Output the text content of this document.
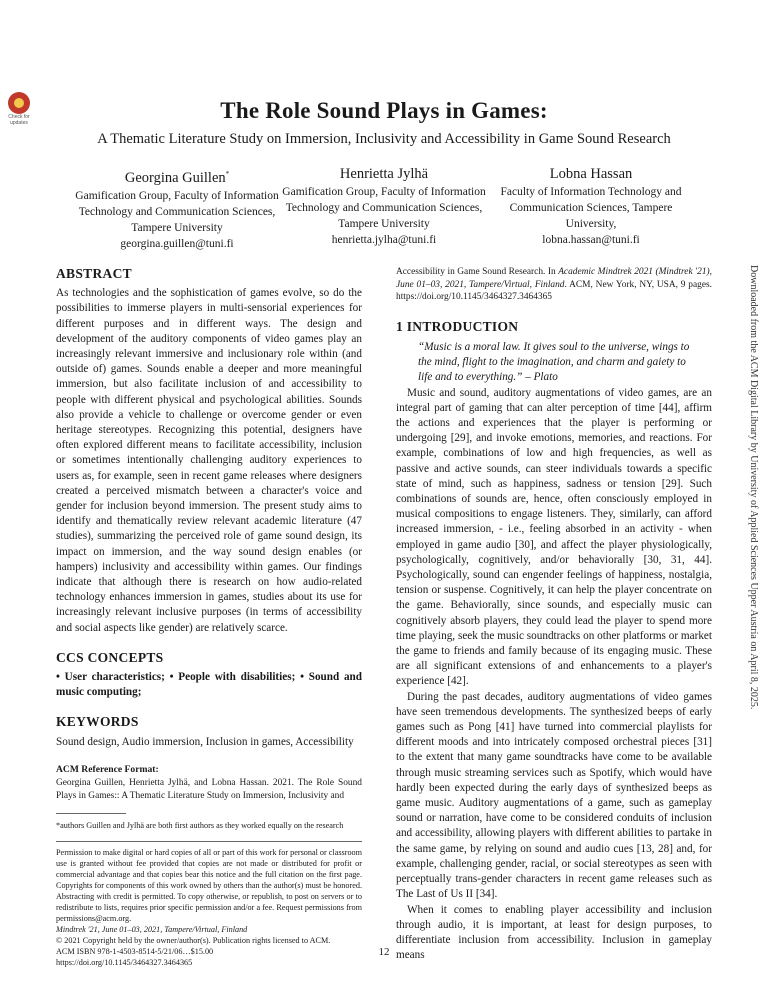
Check for
updates	The Role Sound Plays in Games:
A Thematic Literature Study on Immersion, Inclusivity and Accessibility in Game Sound Research
Georgina Guillen*
Gamification Group, Faculty of Information Technology and Communication Sciences, Tampere University
georgina.guillen@tuni.fi
Henrietta Jylhä
Gamification Group, Faculty of Information Technology and Communication Sciences, Tampere University
henrietta.jylha@tuni.fi
Lobna Hassan
Faculty of Information Technology and Communication Sciences, Tampere University,
lobna.hassan@tuni.fi
Downloaded from the ACM Digital Library by University of Applied Sciences Upper Austria on April 8, 2025.
ABSTRACT

As technologies and the sophistication of games evolve, so do the possibilities to immerse players in multi-sensorial experiences for different purposes and in different ways. The design and development of the auditory components of video games play an increasingly relevant immersive and inclusionary role within (and outside of) games. Sounds enable a deeper and more meaningful immersion, but also facilitate inclusion of and accessibility to people with different physical and psychological abilities. Sounds also provide a vehicle to challenge or overcome gender or even heritage stereotypes. Recognizing this potential, designers have often explored different means to facilitate accessibility, inclusion or sometimes intentionally challenging auditory experiences to users as, for example, seen in recent game releases where designers created a perceived mismatch between a character's voice and gender for inclusion beyond immersion. The present study aims to identify and thematically review relevant academic literature (47 studies), summarizing the perceived role of game sound design, its impact on immersion, and the way sound design enables (or hampers) inclusivity and accessibility within games. Our findings indicate that although there is research on how audio-related technology enhances immersion in games, studies about its use for increasingly relevant inclusive purposes (in terms of accessibility and social aspects like gender) are relatively scarce.

CCS CONCEPTS

• User characteristics; • People with disabilities; • Sound and music computing;

KEYWORDS

Sound design, Audio immersion, Inclusion in games, Accessibility

ACM Reference Format:

Georgina Guillen, Henrietta Jylhä, and Lobna Hassan. 2021. The Role Sound Plays in Games:: A Thematic Literature Study on Immersion, Inclusivity and

*authors Guillen and Jylhä are both first authors as they worked equally on the research

Permission to make digital or hard copies of all or part of this work for personal or classroom use is granted without fee provided that copies are not made or distributed for profit or commercial advantage and that copies bear this notice and the full citation on the first page. Copyrights for components of this work owned by others than the author(s) must be honored. Abstracting with credit is permitted. To copy otherwise, or republish, to post on servers or to redistribute to lists, requires prior specific permission and/or a fee. Request permissions from permissions@acm.org.

Mindtrek '21, June 01–03, 2021, Tampere/Virtual, Finland

© 2021 Copyright held by the owner/author(s). Publication rights licensed to ACM.

ACM ISBN 978-1-4503-8514-5/21/06…$15.00

https://doi.org/10.1145/3464327.3464365

Accessibility in Game Sound Research. In Academic Mindtrek 2021 (Mindtrek '21), June 01–03, 2021, Tampere/Virtual, Finland. ACM, New York, NY, USA, 9 pages. https://doi.org/10.1145/3464327.3464365

1 INTRODUCTION

“Music is a moral law. It gives soul to the universe, wings to the mind, flight to the imagination, and charm and gaiety to life and to everything.” – Plato

Music and sound, auditory augmentations of video games, are an integral part of gaming that can alter perception of time [44], affirm the actions and experiences that the player is performing or undergoing [29], and invoke emotions, memories, and reactions. For example, combinations of low and high frequencies, as well as passive and active sounds, can steer individuals towards a specific state of mind, such as happiness, sadness or tension [29]. Such combinations of sounds are, hence, often consciously employed in musical compositions to engage listeners. They, similarly, can afford increased immersion, - i.e., feeling absorbed in an activity - when employed in game audio [30], and affect the player physiologically, psychologically, cognitively, and/or behaviorally [30, 31, 44]. Psychologically, sound can engender feelings of happiness, nostalgia, tension or suspense. Cognitively, it can help the player concentrate on the game. Behaviorally, since sounds, and especially music can cognitively absorb players, they could lead the player to spend more time playing, seek the music soundtracks on other platforms or market the game to friends and family because of its engaging music. These are all significant extensions of and enhancements to a player's experience [42].

During the past decades, auditory augmentations of video games have seen tremendous developments. The synthesized beeps of early games such as Pong [41] have turned into commercial playlists for different moods and into intricately composed orchestral pieces [31] to the extent that many game soundtracks have come to be available through music streaming services such as Spotify, which would have hardly been expected during the early days of synthesized beeps as game music. Auditory augmentations of a game, such as gameplay sound or narration, have come to be considered conduits of inclusion and accessibility, allowing players with different abilities to partake in the same game, by relying on sound and audio cues [13, 28] and, for example, challenging gender, racial, or social stereotypes as seen with perceptually trans-gender characters in recent game releases such as The Last of Us II [34].

When it comes to enabling player accessibility and inclusion through audio, it is important, at least for design purposes, to differentiate inclusion from accessibility. Inclusion in gameplay means

12
